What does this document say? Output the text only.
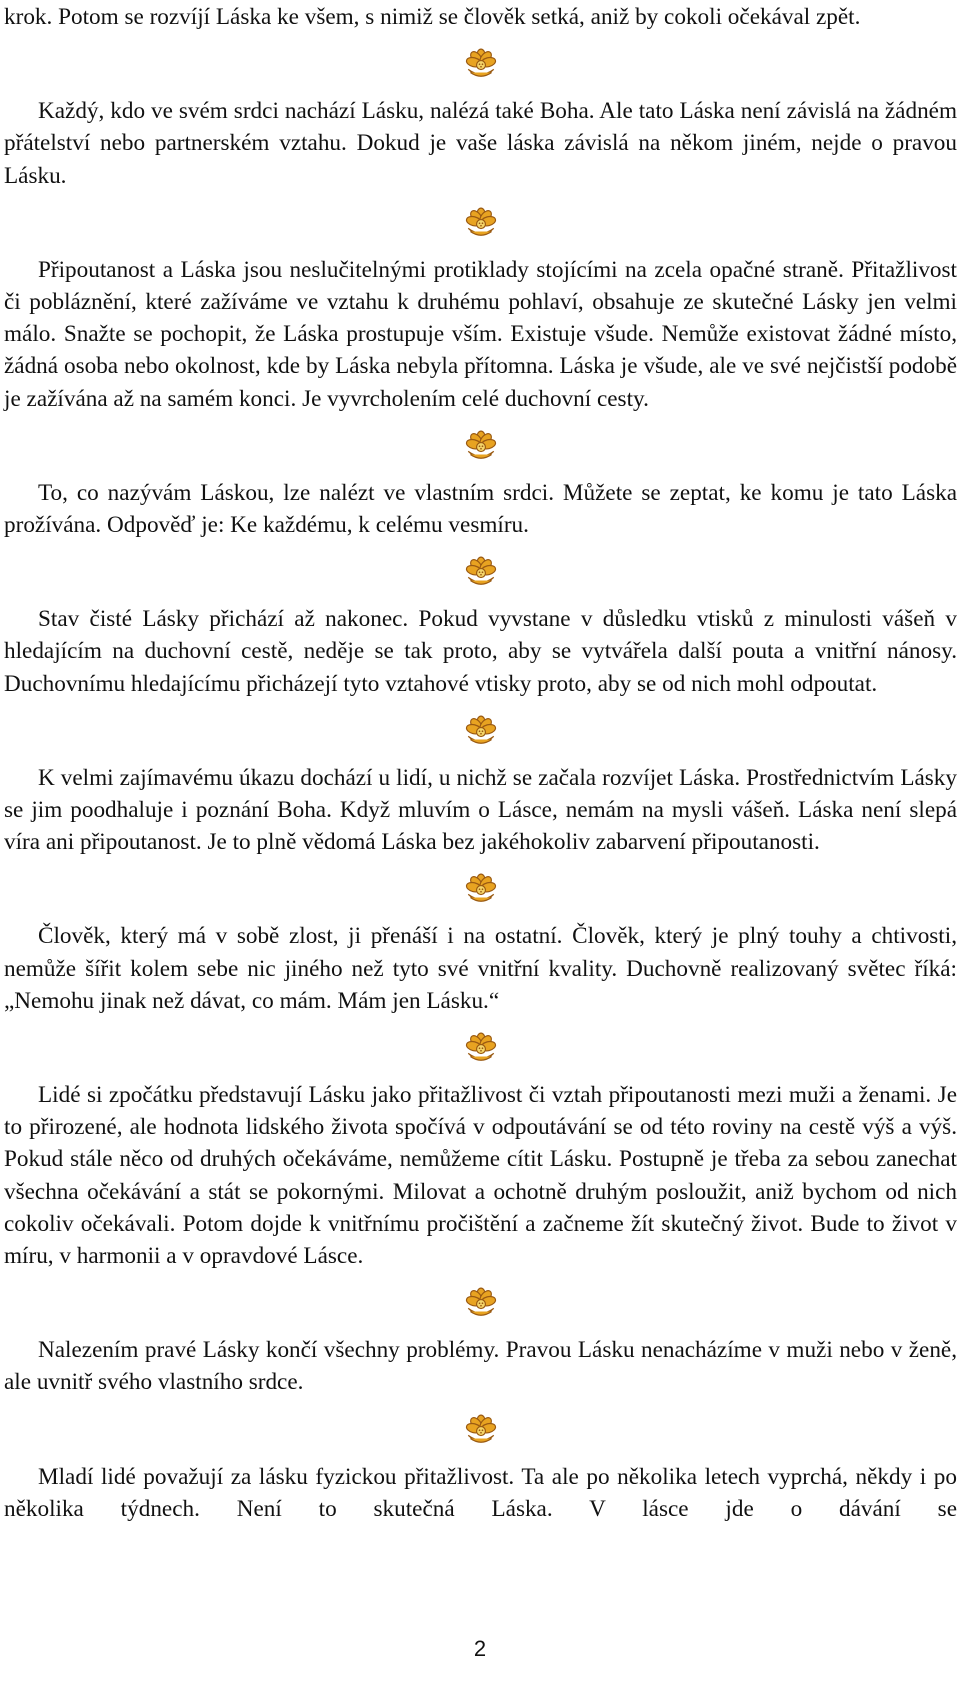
krok. Potom se rozvíjí Láska ke všem, s nimiž se člověk setká, aniž by cokoli očekával zpět.

Každý, kdo ve svém srdci nachází Lásku, nalézá také Boha. Ale tato Láska není závislá na žádném přátelství nebo partnerském vztahu. Dokud je vaše láska závislá na někom jiném, nejde o pravou Lásku.

Připoutanost a Láska jsou neslučitelnými protiklady stojícími na zcela opačné straně. Přitažlivost či pobláznění, které zažíváme ve vztahu k druhému pohlaví, obsahuje ze skutečné Lásky jen velmi málo. Snažte se pochopit, že Láska prostupuje vším. Existuje všude. Nemůže existovat žádné místo, žádná osoba nebo okolnost, kde by Láska nebyla přítomna. Láska je všude, ale ve své nejčistší podobě je zažívána až na samém konci. Je vyvrcholením celé duchovní cesty.

To, co nazývám Láskou, lze nalézt ve vlastním srdci. Můžete se zeptat, ke komu je tato Láska prožívána. Odpověď je: Ke každému, k celému vesmíru.

Stav čisté Lásky přichází až nakonec. Pokud vyvstane v důsledku vtisků z minulosti vášeň v hledajícím na duchovní cestě, neděje se tak proto, aby se vytvářela další pouta a vnitřní nánosy. Duchovnímu hledajícímu přicházejí tyto vztahové vtisky proto, aby se od nich mohl odpoutat.

K velmi zajímavému úkazu dochází u lidí, u nichž se začala rozvíjet Láska. Prostřednictvím Lásky se jim poodhaluje i poznání Boha. Když mluvím o Lásce, nemám na mysli vášeň. Láska není slepá víra ani připoutanost. Je to plně vědomá Láska bez jakéhokoliv zabarvení připoutanosti.

Člověk, který má v sobě zlost, ji přenáší i na ostatní. Člověk, který je plný touhy a chtivosti, nemůže šířit kolem sebe nic jiného než tyto své vnitřní kvality. Duchovně realizovaný světec říká: „Nemohu jinak než dávat, co mám. Mám jen Lásku.“

Lidé si zpočátku představují Lásku jako přitažlivost či vztah připoutanosti mezi muži a ženami. Je to přirozené, ale hodnota lidského života spočívá v odpoutávání se od této roviny na cestě výš a výš. Pokud stále něco od druhých očekáváme, nemůžeme cítit Lásku. Postupně je třeba za sebou zanechat všechna očekávání a stát se pokornými. Milovat a ochotně druhým posloužit, aniž bychom od nich cokoliv očekávali. Potom dojde k vnitřnímu pročištění a začneme žít skutečný život. Bude to život v míru, v harmonii a v opravdové Lásce.

Nalezením pravé Lásky končí všechny problémy. Pravou Lásku nenacházíme v muži nebo v ženě, ale uvnitř svého vlastního srdce.

Mladí lidé považují za lásku fyzickou přitažlivost. Ta ale po několika letech vyprchá, někdy i po několika týdnech. Není to skutečná Láska. V lásce jde o dávání se

2
